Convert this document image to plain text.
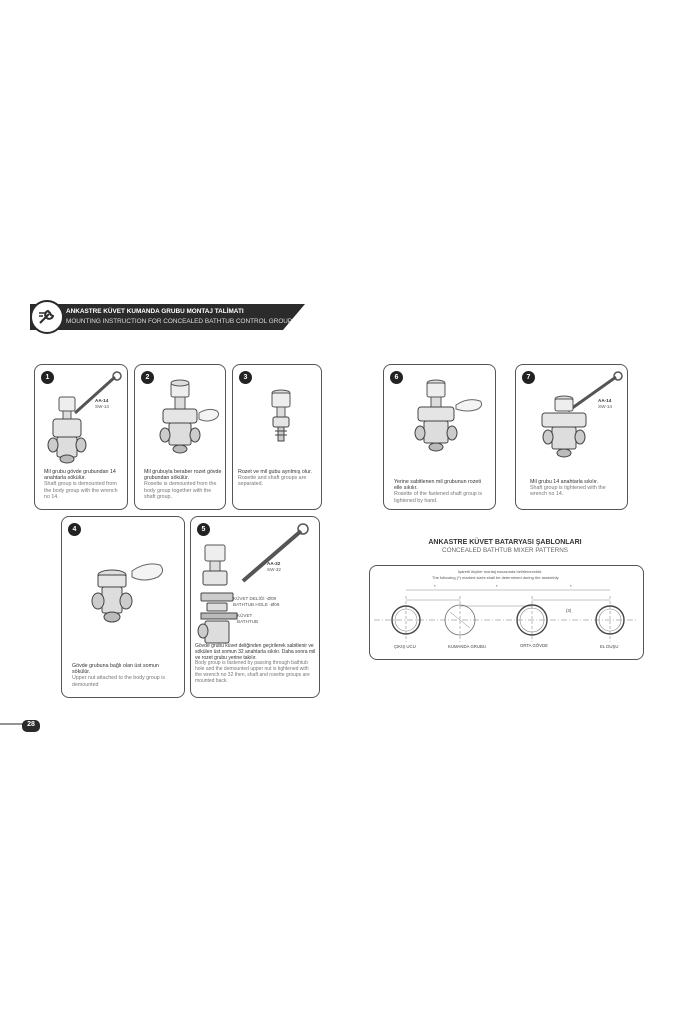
ANKASTRE KÜVET KUMANDA GRUBU MONTAJ TALİMATI
MOUNTING INSTRUCTION FOR CONCEALED BATHTUB CONTROL GROUP
1
AA-14
SW-14
Mil grubu gövde grubundan 14 anahtarla sökülür.
Shaft group is demounted from the body group with the wrench no 14.
2
Mil grubuyla beraber rozet gövde grubundan sökülür.
Rosette is demounted from the body group together with the shaft group.
3
Rozet ve mil gubu ayrılmış olur.
Rosette and shaft groups are separated.
4
Gövde grubuna bağlı olan üst somun sökülür.
Upper nut attached to the body group is demounted
5
AA-32
SW-32
KÜVET DELİĞİ -Ø09
BATHTUB HOLE -Ø09
KÜVET
BATHTUB
Gövde grubu küvet deliğinden geçirilerek sabitlenir ve sökülen üst somun 32 anahtarla sıkılır. Daha sonra mil ve rozet grubu yerine takılır.
Body group is fastened by passing through bathtub hole and the demounted upper nut is tightened with the wrench no 32 then, shaft and rosette groups are mounted back.
6
Yerine sabitlenen mil grubunun rozeti elle sıkılır.
Rosette of the fastened shaft group is tightened by hand.
7
AA-14
SW-14
Mil grubu 14 anahtarla sıkılır.
Shaft group is tightened with the wrench no 14.
ANKASTRE KÜVET BATARYASI ŞABLONLARI
CONCEALED BATHTUB MIXER PATTERNS
İşaretli ölçüler montaj esnasında belirlenecektir.
The following (*) marked sizes shall be determined during the assembly.
*	*	*
(3)
ÇIKIŞ UCU	KUMANDA GRUBU	ORTA GÖVDE	EL DUŞU
28
